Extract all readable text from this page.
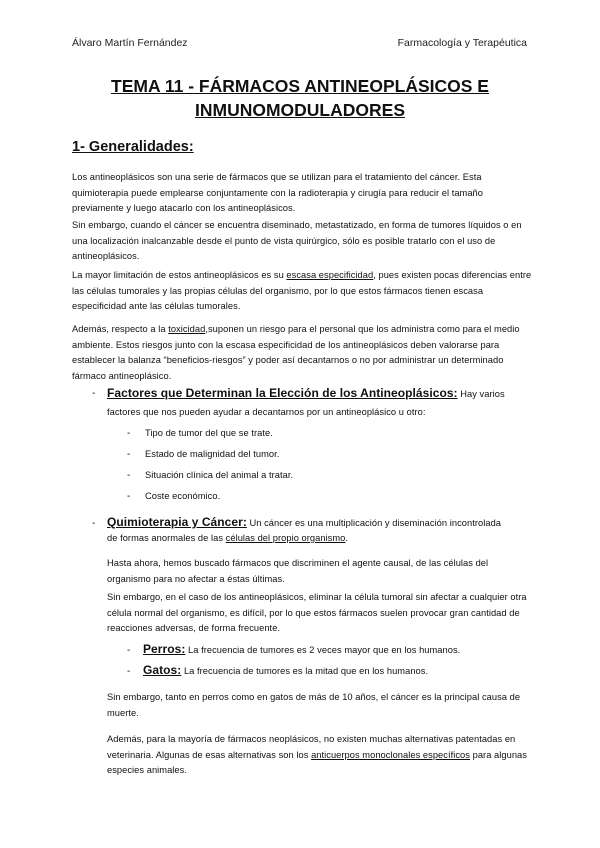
Álvaro Martín Fernández	Farmacología y Terapéutica
TEMA 11 - FÁRMACOS ANTINEOPLÁSICOS E
INMUNOMODULADORES
1- Generalidades:
Los antineoplásicos son una serie de fármacos que se utilizan para el tratamiento del cáncer. Esta quimioterapia puede emplearse conjuntamente con la radioterapia y cirugía para reducir el tamaño previamente y luego atacarlo con los antineoplásicos.
Sin embargo, cuando el cáncer se encuentra diseminado, metastatizado, en forma de tumores líquidos o en una localización inalcanzable desde el punto de vista quirúrgico, sólo es posible tratarlo con el uso de antineoplásicos.
La mayor limitación de estos antineoplásicos es su escasa especificidad, pues existen pocas diferencias entre las células tumorales y las propias células del organismo, por lo que estos fármacos tienen escasa especificidad ante las células tumorales.
Además, respecto a la toxicidad,suponen un riesgo para el personal que los administra como para el medio ambiente. Estos riesgos junto con la escasa especificidad de los antineoplásicos deben valorarse para establecer la balanza “beneficios-riesgos” y poder así decantarnos o no por administrar un determinado fármaco antineoplásico.
- Factores que Determinan la Elección de los Antineoplásicos: Hay varios
factores que nos pueden ayudar a decantarnos por un antineoplásico u otro:
- Tipo de tumor del que se trate.
- Estado de malignidad del tumor.
- Situación clínica del animal a tratar.
- Coste económico.
- Quimioterapia y Cáncer: Un cáncer es una multiplicación y diseminación incontrolada
de formas anormales de las células del propio organismo.
Hasta ahora, hemos buscado fármacos que discriminen el agente causal, de las células del organismo para no afectar a éstas últimas.
Sin embargo, en el caso de los antineoplásicos, eliminar la célula tumoral sin afectar a cualquier otra célula normal del organismo, es difícil, por lo que estos fármacos suelen provocar gran cantidad de reacciones adversas, de forma frecuente.
- Perros: La frecuencia de tumores es 2 veces mayor que en los humanos.
- Gatos: La frecuencia de tumores es la mitad que en los humanos.
Sin embargo, tanto en perros como en gatos de más de 10 años, el cáncer es la principal causa de muerte.
Además, para la mayoría de fármacos neoplásicos, no existen muchas alternativas patentadas en veterinaria. Algunas de esas alternativas son los anticuerpos monoclonales específicos para algunas especies animales.
